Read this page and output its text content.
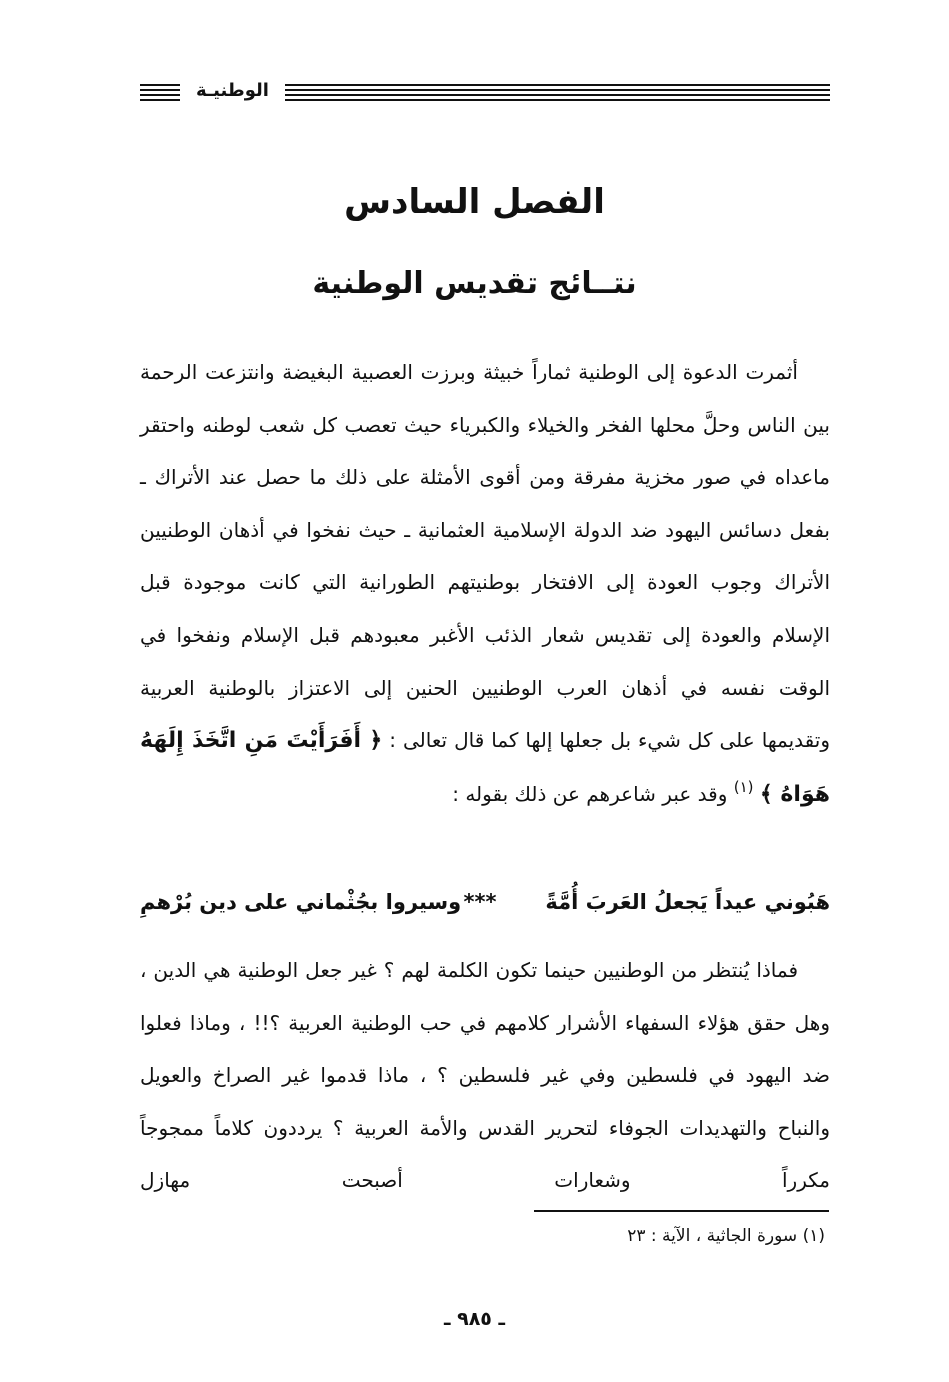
الوطنيـة
الفصل السادس
نتــائج تقديس الوطنية

أثمرت الدعوة إلى الوطنية ثماراً خبيثة وبرزت العصبية البغيضة وانتزعت الرحمة بين الناس وحلَّ محلها الفخر والخيلاء والكبرياء حيث تعصب كل شعب لوطنه واحتقر ماعداه في صور مخزية مفرقة ومن أقوى الأمثلة على ذلك ما حصل عند الأتراك ـ بفعل دسائس اليهود ضد الدولة الإسلامية العثمانية ـ حيث نفخوا في أذهان الوطنيين الأتراك وجوب العودة إلى الافتخار بوطنيتهم الطورانية التي كانت موجودة قبل الإسلام والعودة إلى تقديس شعار الذئب الأغبر معبودهم قبل الإسلام ونفخوا في الوقت نفسه في أذهان العرب الوطنيين الحنين إلى الاعتزاز بالوطنية العربية وتقديمها على كل شيء بل جعلها إلها كما قال تعالى : ﴿ أَفَرَأَيْتَ مَنِ اتَّخَذَ إِلَهَهُ هَوَاهُ ﴾ $^{(١)}$ وقد عبر شاعرهم عن ذلك بقوله :

هَبُوني عيداً يَجعلُ العَربَ أُمَّةً
***
وسيروا بجُثْماني على دين بُرْهمِ

فماذا يُنتظر من الوطنيين حينما تكون الكلمة لهم ؟ غير جعل الوطنية هي الدين ، وهل حقق هؤلاء السفهاء الأشرار كلامهم في حب الوطنية العربية ؟!! ، وماذا فعلوا ضد اليهود في فلسطين وفي غير فلسطين ؟ ، ماذا قدموا غير الصراخ والعويل والنباح والتهديدات الجوفاء لتحرير القدس والأمة العربية ؟ يرددون كلاماً ممجوجاً مكرراً وشعارات أصبحت مهازل

(١) سورة الجاثية ، الآية : ٢٣
ـ ٩٨٥ ـ
